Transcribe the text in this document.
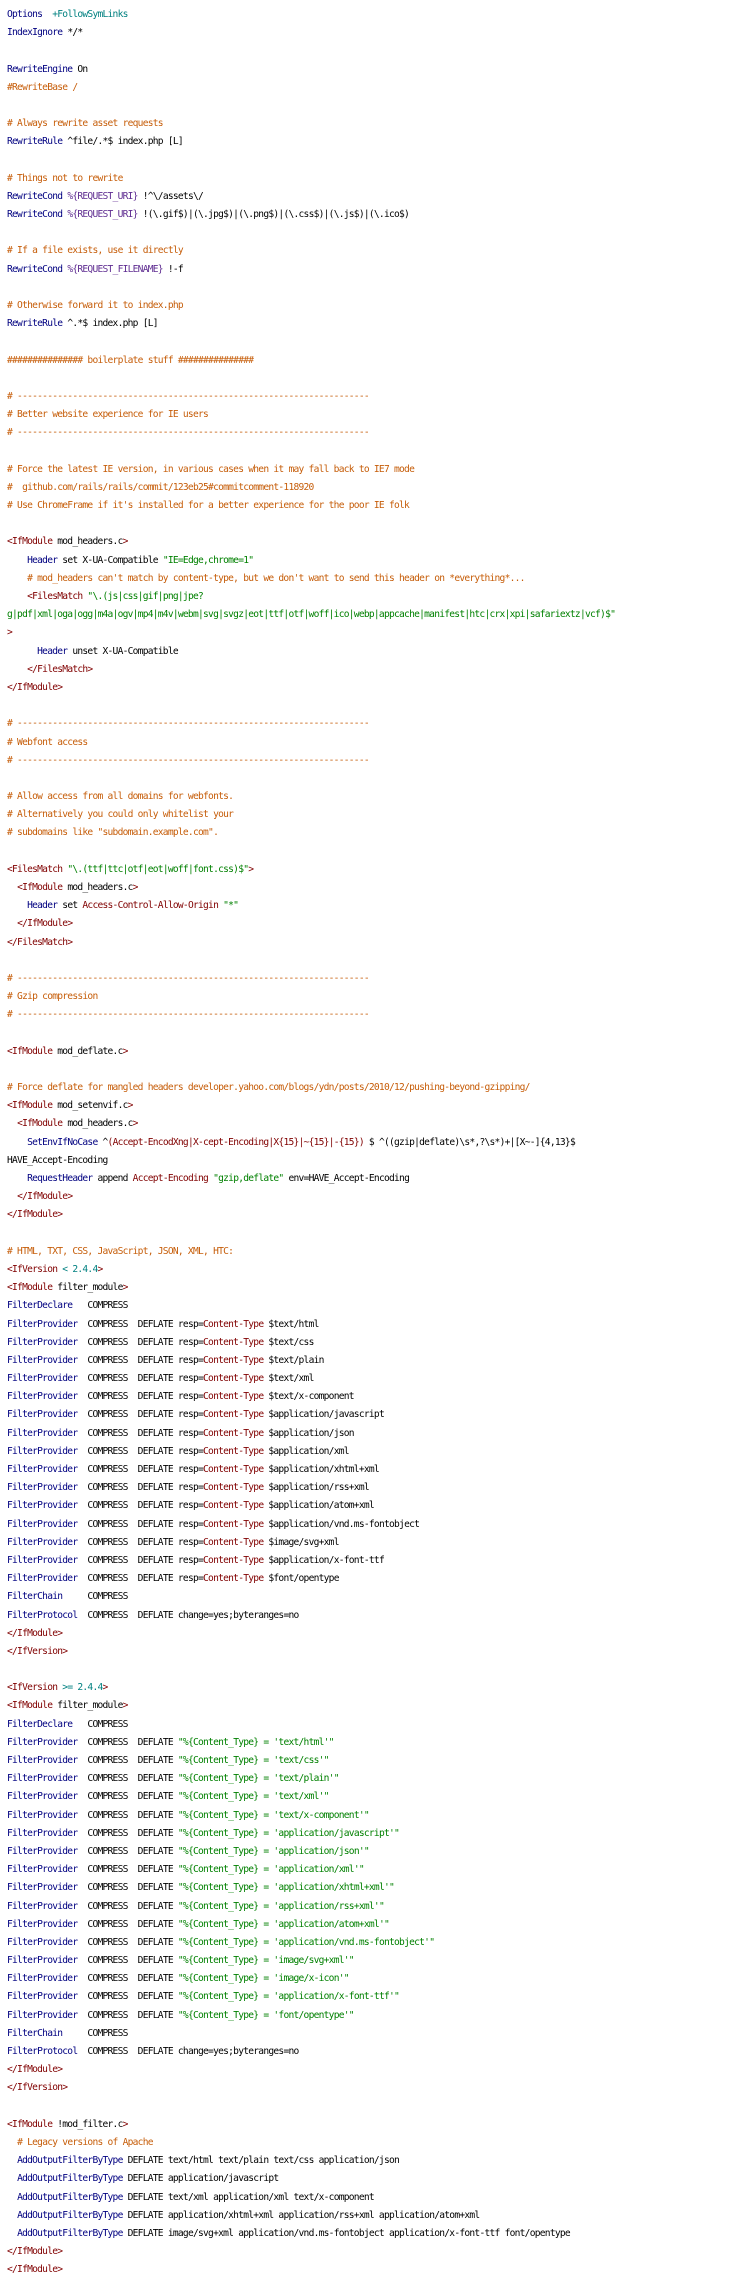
Options +FollowSymLinks
IndexIgnore */*

RewriteEngine On
#RewriteBase /

# Always rewrite asset requests
RewriteRule ^file/.*$ index.php [L]

# Things not to rewrite
RewriteCond %{REQUEST_URI} !^\/assets\/
RewriteCond %{REQUEST_URI} !(\.gif$)|(\.jpg$)|(\.png$)|(\.css$)|(\.js$)|(\.ico$)

# If a file exists, use it directly
RewriteCond %{REQUEST_FILENAME} !-f

# Otherwise forward it to index.php
RewriteRule ^.*$ index.php [L]

############### boilerplate stuff ###############

# ----------------------------------------------------------------------
# Better website experience for IE users
# ----------------------------------------------------------------------

# Force the latest IE version, in various cases when it may fall back to IE7 mode
#  github.com/rails/rails/commit/123eb25#commitcomment-118920
# Use ChromeFrame if it's installed for a better experience for the poor IE folk

<IfModule mod_headers.c>
Header set X-UA-Compatible "IE=Edge,chrome=1"
# mod_headers can't match by content-type, but we don't want to send this header on *everything*...
<FilesMatch "\.(js|css|gif|png|jpe?
g|pdf|xml|oga|ogg|m4a|ogv|mp4|m4v|webm|svg|svgz|eot|ttf|otf|woff|ico|webp|appcache|manifest|htc|crx|xpi|safariextz|vcf)$"
>
Header unset X-UA-Compatible
</FilesMatch>
</IfModule>

# ----------------------------------------------------------------------
# Webfont access
# ----------------------------------------------------------------------

# Allow access from all domains for webfonts.
# Alternatively you could only whitelist your
# subdomains like "subdomain.example.com".

<FilesMatch "\.(ttf|ttc|otf|eot|woff|font.css)$">
<IfModule mod_headers.c>
Header set Access-Control-Allow-Origin "*"
</IfModule>
</FilesMatch>

# ----------------------------------------------------------------------
# Gzip compression
# ----------------------------------------------------------------------

<IfModule mod_deflate.c>

# Force deflate for mangled headers developer.yahoo.com/blogs/ydn/posts/2010/12/pushing-beyond-gzipping/
<IfModule mod_setenvif.c>
<IfModule mod_headers.c>
SetEnvIfNoCase ^(Accept-EncodXng|X-cept-Encoding|X{15}|~{15}|-{15}) $ ^((gzip|deflate)\s*,?\s*)+|[X~-]{4,13}$
HAVE_Accept-Encoding
RequestHeader append Accept-Encoding "gzip,deflate" env=HAVE_Accept-Encoding
</IfModule>
</IfModule>

# HTML, TXT, CSS, JavaScript, JSON, XML, HTC:
<IfVersion < 2.4.4>
<IfModule filter_module>
FilterDeclare   COMPRESS
FilterProvider  COMPRESS  DEFLATE resp=Content-Type $text/html
FilterProvider  COMPRESS  DEFLATE resp=Content-Type $text/css
FilterProvider  COMPRESS  DEFLATE resp=Content-Type $text/plain
FilterProvider  COMPRESS  DEFLATE resp=Content-Type $text/xml
FilterProvider  COMPRESS  DEFLATE resp=Content-Type $text/x-component
FilterProvider  COMPRESS  DEFLATE resp=Content-Type $application/javascript
FilterProvider  COMPRESS  DEFLATE resp=Content-Type $application/json
FilterProvider  COMPRESS  DEFLATE resp=Content-Type $application/xml
FilterProvider  COMPRESS  DEFLATE resp=Content-Type $application/xhtml+xml
FilterProvider  COMPRESS  DEFLATE resp=Content-Type $application/rss+xml
FilterProvider  COMPRESS  DEFLATE resp=Content-Type $application/atom+xml
FilterProvider  COMPRESS  DEFLATE resp=Content-Type $application/vnd.ms-fontobject
FilterProvider  COMPRESS  DEFLATE resp=Content-Type $image/svg+xml
FilterProvider  COMPRESS  DEFLATE resp=Content-Type $application/x-font-ttf
FilterProvider  COMPRESS  DEFLATE resp=Content-Type $font/opentype
FilterChain     COMPRESS
FilterProtocol  COMPRESS  DEFLATE change=yes;byteranges=no
</IfModule>
</IfVersion>

<IfVersion >= 2.4.4>
<IfModule filter_module>
FilterDeclare   COMPRESS
FilterProvider  COMPRESS  DEFLATE "%{Content_Type} = 'text/html'"
FilterProvider  COMPRESS  DEFLATE "%{Content_Type} = 'text/css'"
FilterProvider  COMPRESS  DEFLATE "%{Content_Type} = 'text/plain'"
FilterProvider  COMPRESS  DEFLATE "%{Content_Type} = 'text/xml'"
FilterProvider  COMPRESS  DEFLATE "%{Content_Type} = 'text/x-component'"
FilterProvider  COMPRESS  DEFLATE "%{Content_Type} = 'application/javascript'"
FilterProvider  COMPRESS  DEFLATE "%{Content_Type} = 'application/json'"
FilterProvider  COMPRESS  DEFLATE "%{Content_Type} = 'application/xml'"
FilterProvider  COMPRESS  DEFLATE "%{Content_Type} = 'application/xhtml+xml'"
FilterProvider  COMPRESS  DEFLATE "%{Content_Type} = 'application/rss+xml'"
FilterProvider  COMPRESS  DEFLATE "%{Content_Type} = 'application/atom+xml'"
FilterProvider  COMPRESS  DEFLATE "%{Content_Type} = 'application/vnd.ms-fontobject'"
FilterProvider  COMPRESS  DEFLATE "%{Content_Type} = 'image/svg+xml'"
FilterProvider  COMPRESS  DEFLATE "%{Content_Type} = 'image/x-icon'"
FilterProvider  COMPRESS  DEFLATE "%{Content_Type} = 'application/x-font-ttf'"
FilterProvider  COMPRESS  DEFLATE "%{Content_Type} = 'font/opentype'"
FilterChain     COMPRESS
FilterProtocol  COMPRESS  DEFLATE change=yes;byteranges=no
</IfModule>
</IfVersion>

<IfModule !mod_filter.c>
# Legacy versions of Apache
AddOutputFilterByType DEFLATE text/html text/plain text/css application/json
AddOutputFilterByType DEFLATE application/javascript
AddOutputFilterByType DEFLATE text/xml application/xml text/x-component
AddOutputFilterByType DEFLATE application/xhtml+xml application/rss+xml application/atom+xml
AddOutputFilterByType DEFLATE image/svg+xml application/vnd.ms-fontobject application/x-font-ttf font/opentype
</IfModule>
</IfModule>
